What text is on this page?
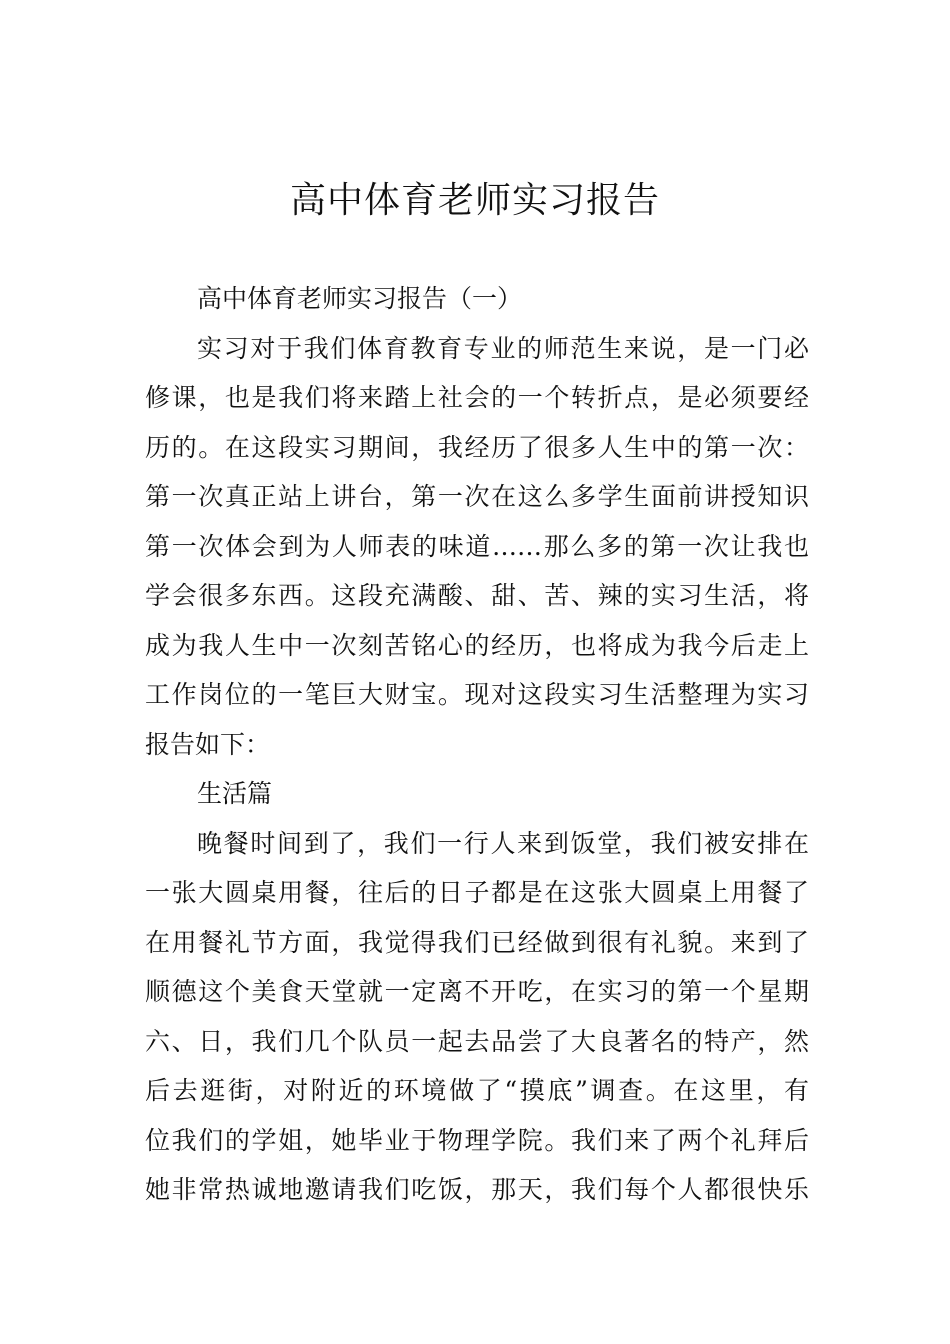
高中体育老师实习报告
高中体育老师实习报告（一）
实习对于我们体育教育专业的师范生来说，是一门必
修课，也是我们将来踏上社会的一个转折点，是必须要经
历的。在这段实习期间，我经历了很多人生中的第一次：
第一次真正站上讲台，第一次在这么多学生面前讲授知识
第一次体会到为人师表的味道……那么多的第一次让我也
学会很多东西。这段充满酸、甜、苦、辣的实习生活，将
成为我人生中一次刻苦铭心的经历，也将成为我今后走上
工作岗位的一笔巨大财宝。现对这段实习生活整理为实习
报告如下：
生活篇
晚餐时间到了，我们一行人来到饭堂，我们被安排在
一张大圆桌用餐，往后的日子都是在这张大圆桌上用餐了
在用餐礼节方面，我觉得我们已经做到很有礼貌。来到了
顺德这个美食天堂就一定离不开吃，在实习的第一个星期
六、日，我们几个队员一起去品尝了大良著名的特产，然
后去逛街，对附近的环境做了“摸底”调查。在这里，有
位我们的学姐，她毕业于物理学院。我们来了两个礼拜后
她非常热诚地邀请我们吃饭，那天，我们每个人都很快乐
